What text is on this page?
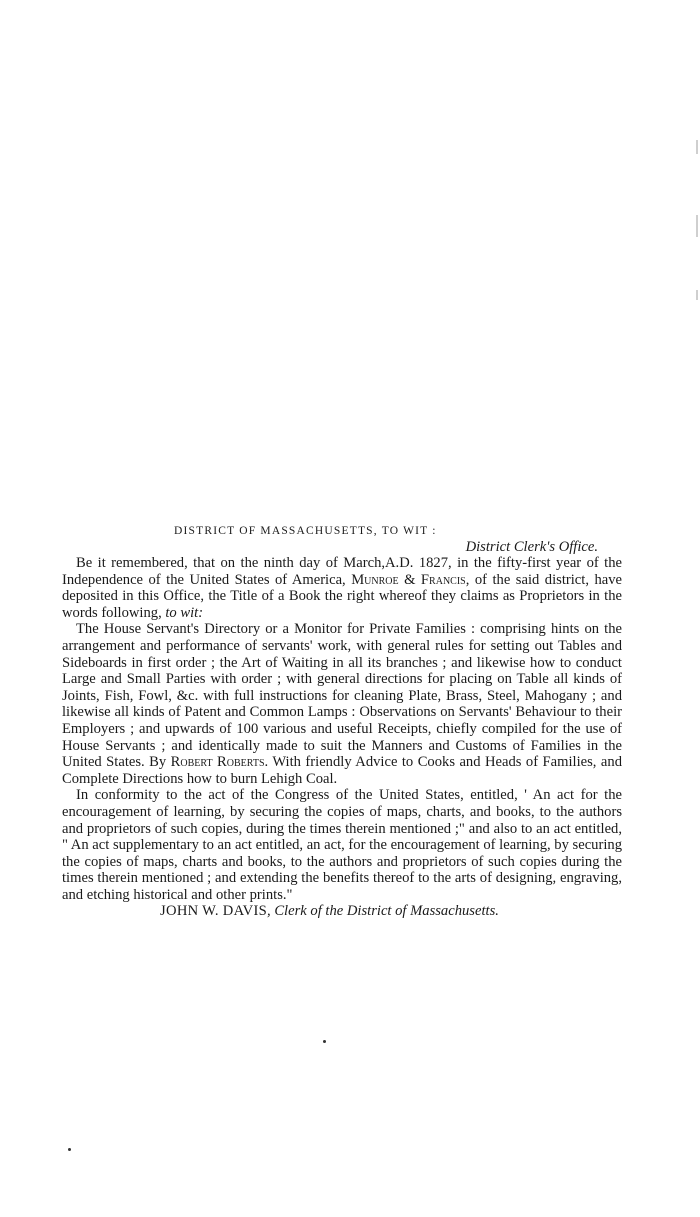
DISTRICT OF MASSACHUSETTS, TO WIT :
District Clerk's Office.

Be it remembered, that on the ninth day of March,A.D. 1827, in the fifty-first year of the Independence of the United States of America, Munroe & Francis, of the said district, have deposited in this Office, the Title of a Book the right whereof they claims as Proprietors in the words following, to wit:

The House Servant's Directory or a Monitor for Private Families : comprising hints on the arrangement and performance of servants' work, with general rules for setting out Tables and Sideboards in first order ; the Art of Waiting in all its branches ; and likewise how to conduct Large and Small Parties with order ; with general directions for placing on Table all kinds of Joints, Fish, Fowl, &c. with full instructions for cleaning Plate, Brass, Steel, Mahogany ; and likewise all kinds of Patent and Common Lamps : Observations on Servants' Behaviour to their Employers ; and upwards of 100 various and useful Receipts, chiefly compiled for the use of House Servants ; and identically made to suit the Manners and Customs of Families in the United States. By Robert Roberts. With friendly Advice to Cooks and Heads of Families, and Complete Directions how to burn Lehigh Coal.

In conformity to the act of the Congress of the United States, entitled, ' An act for the encouragement of learning, by securing the copies of maps, charts, and books, to the authors and proprietors of such copies, during the times therein mentioned ;" and also to an act entitled, " An act supplementary to an act entitled, an act, for the encouragement of learning, by securing the copies of maps, charts and books, to the authors and proprietors of such copies during the times therein mentioned ; and extending the benefits thereof to the arts of designing, engraving, and etching historical and other prints."

JOHN W. DAVIS, Clerk of the District of Massachusetts.
